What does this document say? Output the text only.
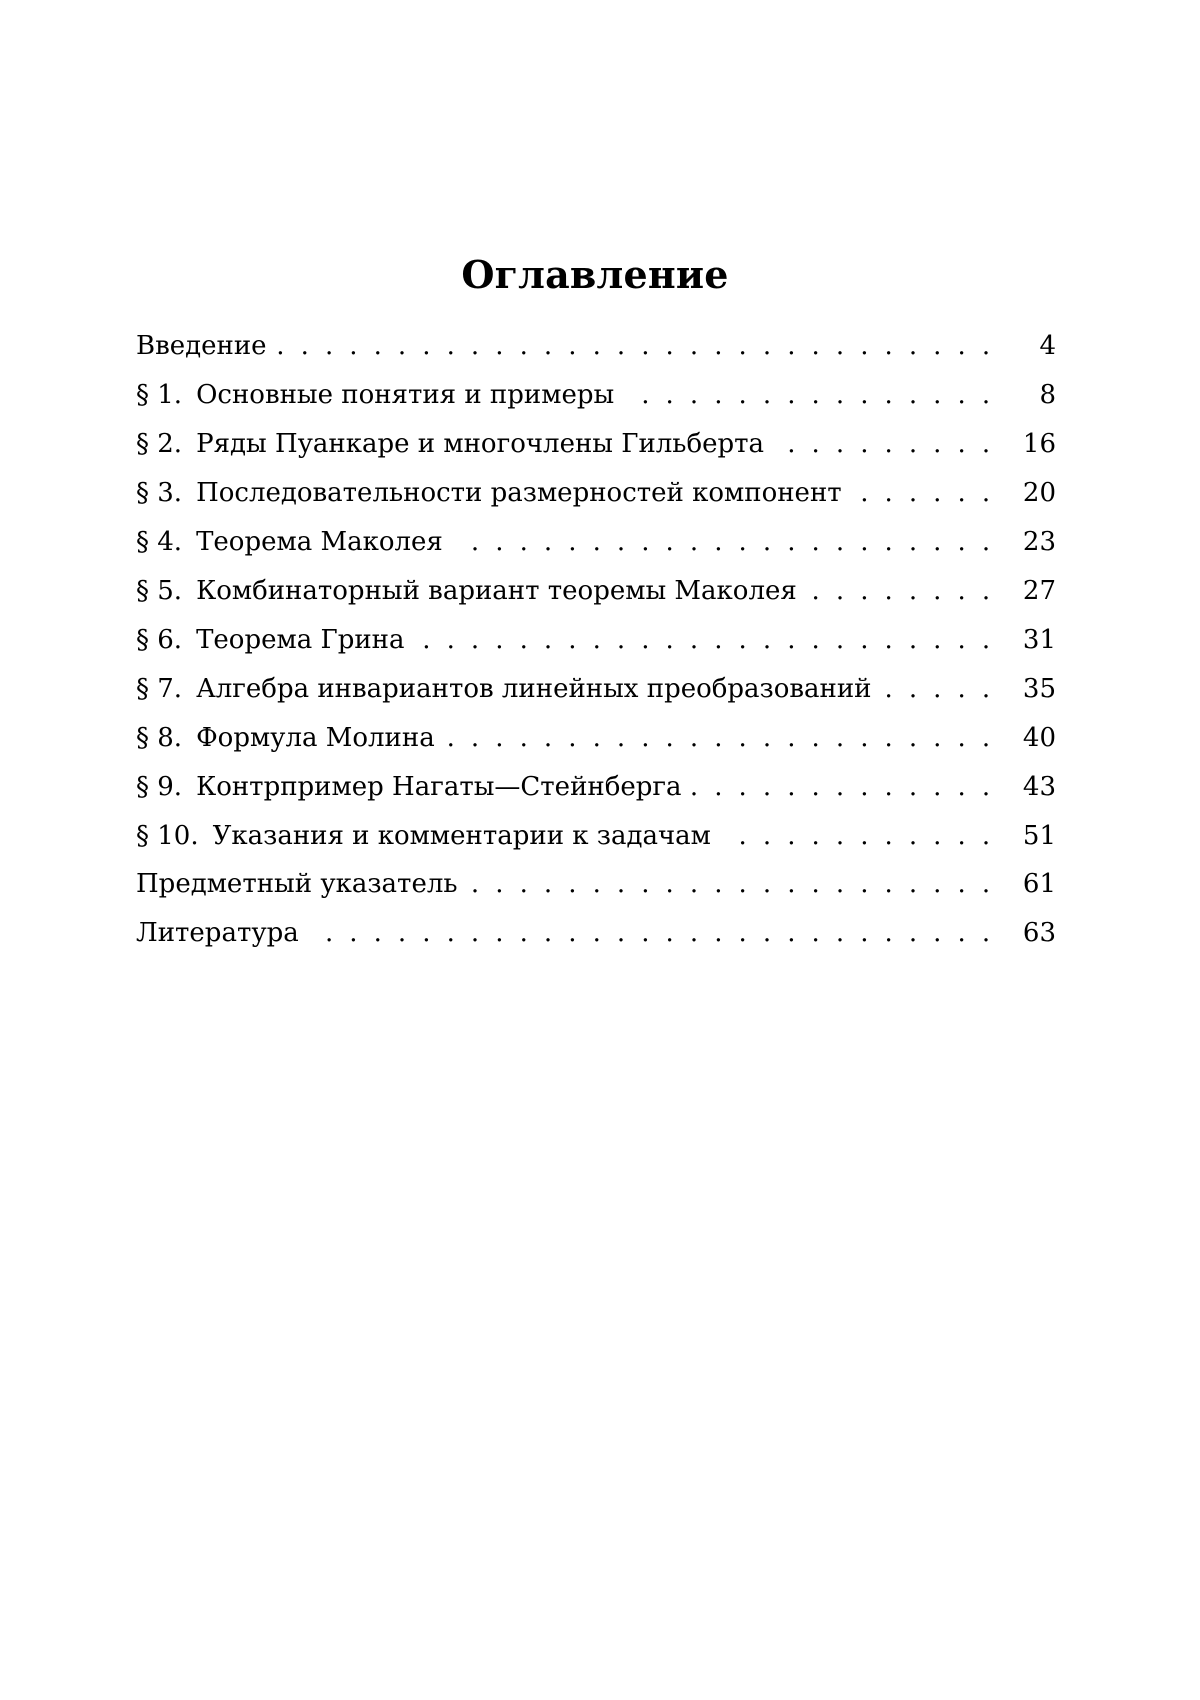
Оглавление
Введение . . .	4
§ 1. Основные понятия и примеры . . .	8
§ 2. Ряды Пуанкаре и многочлены Гильберта . . .	16
§ 3. Последовательности размерностей компонент . . .	20
§ 4. Теорема Маколея . . .	23
§ 5. Комбинаторный вариант теоремы Маколея . . .	27
§ 6. Теорема Грина . . .	31
§ 7. Алгебра инвариантов линейных преобразований . . .	35
§ 8. Формула Молина . . .	40
§ 9. Контрпример Нагаты—Стейнберга . . .	43
§ 10. Указания и комментарии к задачам . . .	51
Предметный указатель . . .	61
Литература . . .	63
